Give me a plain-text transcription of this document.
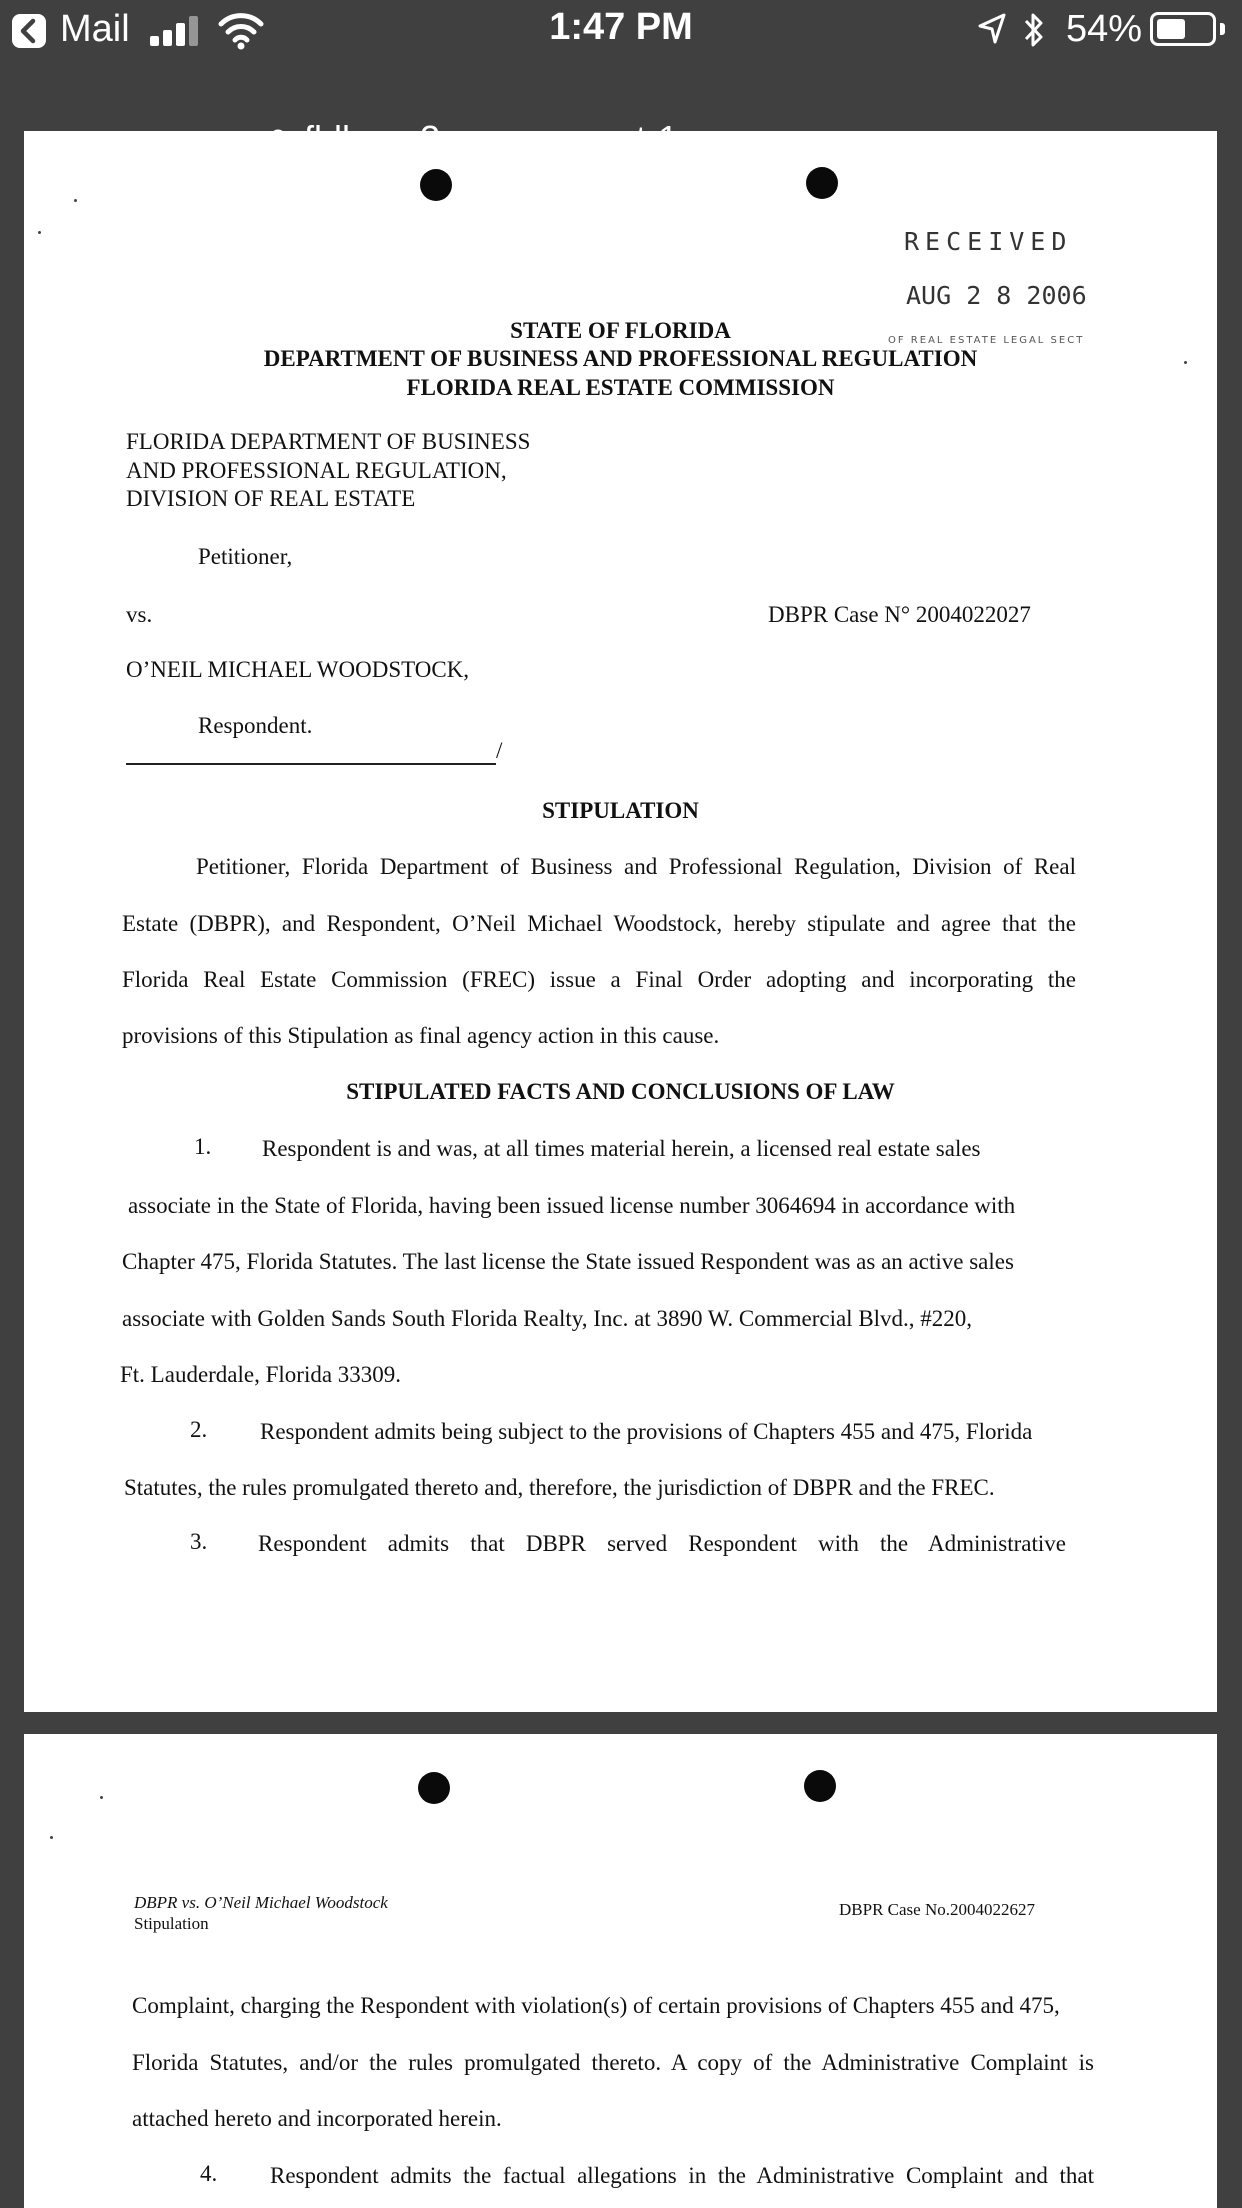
Mail	1:47 PM	54%
RECEIVED
AUG 2 8 2006
OF REAL ESTATE LEGAL SECT
STATE OF FLORIDA
DEPARTMENT OF BUSINESS AND PROFESSIONAL REGULATION
FLORIDA REAL ESTATE COMMISSION
FLORIDA DEPARTMENT OF BUSINESS
AND PROFESSIONAL REGULATION,
DIVISION OF REAL ESTATE
Petitioner,
vs.	DBPR Case N° 2004022027
O’NEIL MICHAEL WOODSTOCK,
Respondent.
/
STIPULATION
Petitioner, Florida Department of Business and Professional Regulation, Division of Real
Estate (DBPR), and Respondent, O’Neil Michael Woodstock, hereby stipulate and agree that the
Florida Real Estate Commission (FREC) issue a Final Order adopting and incorporating the
provisions of this Stipulation as final agency action in this cause.
STIPULATED FACTS AND CONCLUSIONS OF LAW
1. Respondent is and was, at all times material herein, a licensed real estate sales
associate in the State of Florida, having been issued license number 3064694 in accordance with
Chapter 475, Florida Statutes. The last license the State issued Respondent was as an active sales
associate with Golden Sands South Florida Realty, Inc. at 3890 W. Commercial Blvd., #220,
Ft. Lauderdale, Florida 33309.
2. Respondent admits being subject to the provisions of Chapters 455 and 475, Florida
Statutes, the rules promulgated thereto and, therefore, the jurisdiction of DBPR and the FREC.
3. Respondent admits that DBPR served Respondent with the Administrative
DBPR vs. O’Neil Michael Woodstock
Stipulation
DBPR Case No.2004022627
Complaint, charging the Respondent with violation(s) of certain provisions of Chapters 455 and 475,
Florida Statutes, and/or the rules promulgated thereto. A copy of the Administrative Complaint is
attached hereto and incorporated herein.
4. Respondent admits the factual allegations in the Administrative Complaint and that
